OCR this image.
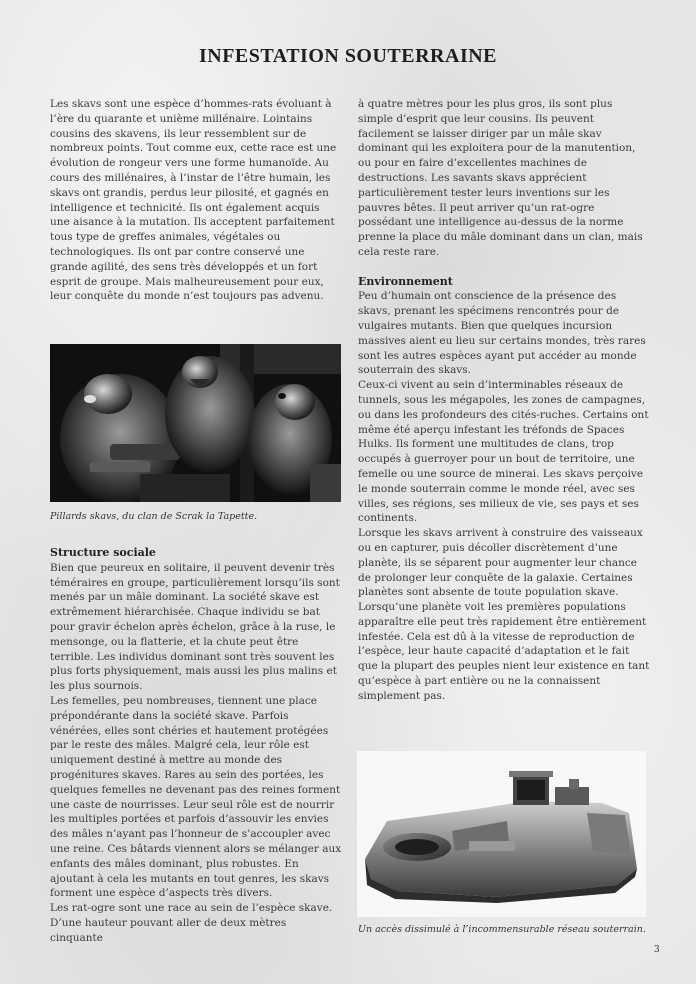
INFESTATION SOUTERRAINE

Les skavs sont une espèce d’hommes-rats évoluant à l’ère du quarante et unième millénaire. Lointains cousins des skavens, ils leur ressemblent sur de nombreux points. Tout comme eux, cette race est une évolution de rongeur vers une forme humanoïde. Au cours des millénaires, à l’instar de l’être humain, les skavs ont grandis, perdus leur pilosité, et gagnés en intelligence et technicité. Ils ont également acquis une aisance à la mutation. Ils acceptent parfaitement tous type de greffes animales, végétales ou technologiques. Ils ont par contre conservé une grande agilité, des sens très développés et un fort esprit de groupe. Mais malheureusement pour eux, leur conquête du monde n’est toujours pas advenu.

Pillards skavs, du clan de Scrak la Tapette.
Structure sociale

Bien que peureux en solitaire, il peuvent devenir très téméraires en groupe, particulièrement lorsqu’ils sont menés par un mâle dominant. La société skave est extrêmement hiérarchisée. Chaque individu se bat pour gravir échelon après échelon, grâce à la ruse, le mensonge, ou la flatterie, et la chute peut être terrible. Les individus dominant sont très souvent les plus forts physiquement, mais aussi les plus malins et les plus sournois.

Les femelles, peu nombreuses, tiennent une place prépondérante dans la société skave. Parfois vénérées, elles sont chéries et hautement protégées par le reste des mâles. Malgré cela, leur rôle est uniquement destiné à mettre au monde des progénitures skaves. Rares au sein des portées, les quelques femelles ne devenant pas des reines forment une caste de nourrisses. Leur seul rôle est de nourrir les multiples portées et parfois d’assouvir les envies des mâles n’ayant pas l’honneur de s’accoupler avec une reine. Ces bâtards viennent alors se mélanger aux enfants des mâles dominant, plus robustes. En ajoutant à cela les mutants en tout genres, les skavs forment une espèce d’aspects très divers.

Les rat-ogre sont une race au sein de l’espèce skave. D’une hauteur pouvant aller de deux mètres cinquante

à quatre mètres pour les plus gros, ils sont plus simple d’esprit que leur cousins. Ils peuvent facilement se laisser diriger par un mâle skav dominant qui les exploitera pour de la manutention, ou pour en faire d’excellentes machines de destructions. Les savants skavs apprécient particulièrement tester leurs inventions sur les pauvres bêtes. Il peut arriver qu’un rat-ogre possédant une intelligence au-dessus de la norme prenne la place du mâle dominant dans un clan, mais cela reste rare.

Environnement

Peu d’humain ont conscience de la présence des skavs, prenant les spécimens rencontrés pour de vulgaires mutants. Bien que quelques incursion massives aient eu lieu sur certains mondes, très rares sont les autres espèces ayant put accéder au monde souterrain des skavs.

Ceux-ci vivent au sein d’interminables réseaux de tunnels, sous les mégapoles, les zones de campagnes, ou dans les profondeurs des cités-ruches. Certains ont même été aperçu infestant les tréfonds de Spaces Hulks. Ils forment une multitudes de clans, trop occupés à guerroyer pour un bout de territoire, une femelle ou une source de minerai. Les skavs perçoive le monde souterrain comme le monde réel, avec ses villes, ses régions, ses milieux de vie, ses pays et ses continents.

Lorsque les skavs arrivent à construire des vaisseaux ou en capturer, puis décoller discrètement d’une planète, ils se séparent pour augmenter leur chance de prolonger leur conquête de la galaxie. Certaines planètes sont absente de toute population skave. Lorsqu’une planète voit les premières populations apparaître elle peut très rapidement être entièrement infestée. Cela est dû à la vitesse de reproduction de l’espèce, leur haute capacité d’adaptation et le fait que la plupart des peuples nient leur existence en tant qu’espèce à part entière ou ne la connaissent simplement pas.

Un accès dissimulé à l’incommensurable réseau souterrain.
3
